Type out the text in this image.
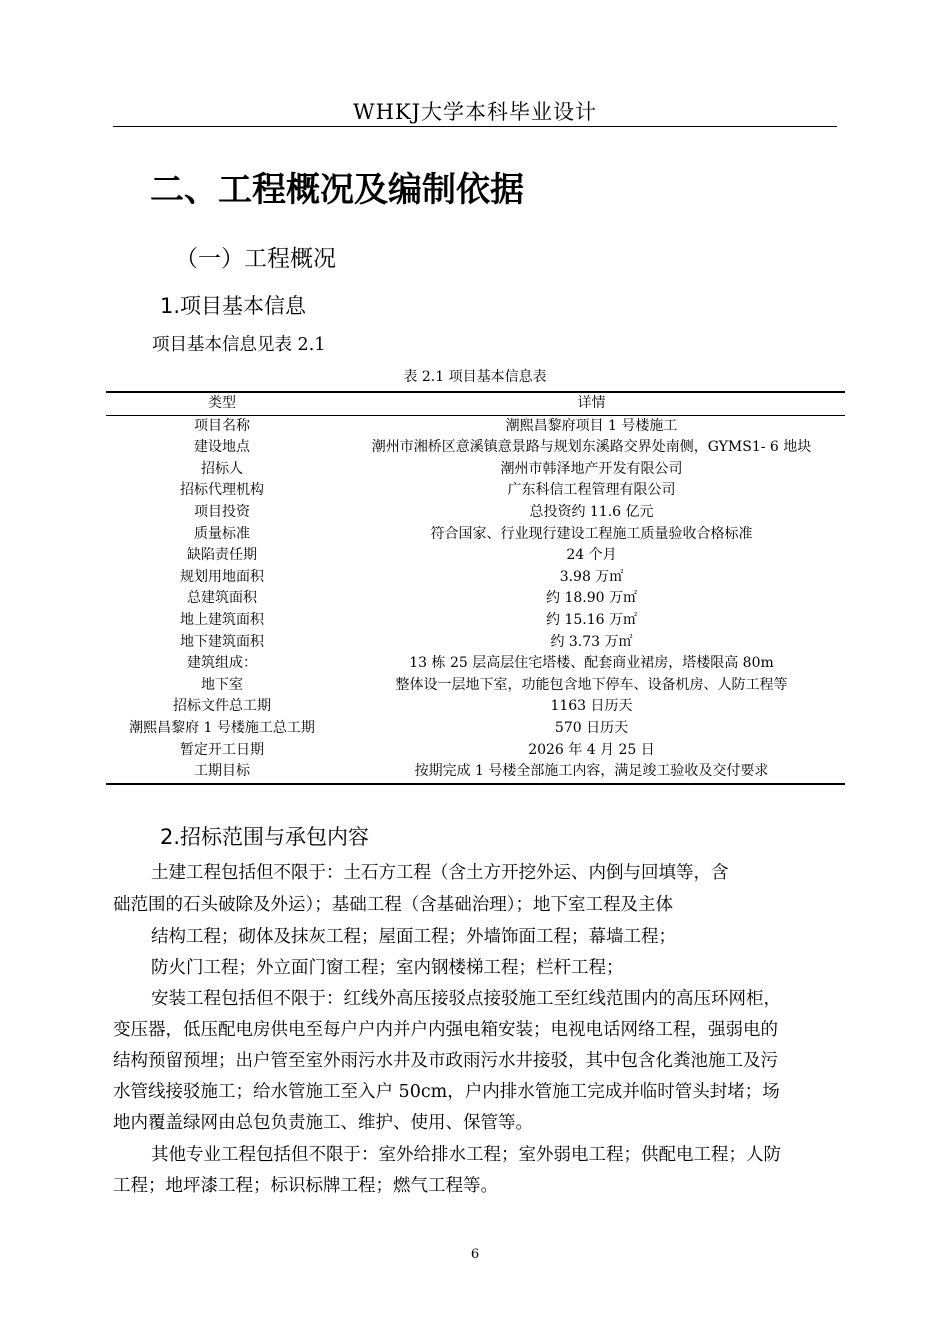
WHKJ大学本科毕业设计
二、工程概况及编制依据
（一）工程概况
1.项目基本信息
项目基本信息见表 2.1
表 2.1 项目基本信息表
类型	详情
项目名称	潮熙昌黎府项目 1 号楼施工
建设地点	潮州市湘桥区意溪镇意景路与规划东溪路交界处南侧，GYMS1- 6 地块
招标人	潮州市韩泽地产开发有限公司
招标代理机构	广东科信工程管理有限公司
项目投资	总投资约 11.6 亿元
质量标准	符合国家、行业现行建设工程施工质量验收合格标准
缺陷责任期	24 个月
规划用地面积	3.98 万㎡
总建筑面积	约 18.90 万㎡
地上建筑面积	约 15.16 万㎡
地下建筑面积	约 3.73 万㎡
建筑组成：	13 栋 25 层高层住宅塔楼、配套商业裙房，塔楼限高 80m
地下室	整体设一层地下室，功能包含地下停车、设备机房、人防工程等
招标文件总工期	1163 日历天
潮熙昌黎府 1 号楼施工总工期	570 日历天
暂定开工日期	2026 年 4 月 25 日
工期目标	按期完成 1 号楼全部施工内容，满足竣工验收及交付要求
2.招标范围与承包内容
土建工程包括但不限于：土石方工程（含土方开挖外运、内倒与回填等，含
础范围的石头破除及外运）；基础工程（含基础治理）；地下室工程及主体
结构工程；砌体及抹灰工程；屋面工程；外墙饰面工程；幕墙工程；
防火门工程；外立面门窗工程；室内钢楼梯工程；栏杆工程；
安装工程包括但不限于：红线外高压接驳点接驳施工至红线范围内的高压环网柜，
变压器，低压配电房供电至每户户内并户内强电箱安装；电视电话网络工程，强弱电的
结构预留预埋；出户管至室外雨污水井及市政雨污水井接驳，其中包含化粪池施工及污
水管线接驳施工；给水管施工至入户 50cm，户内排水管施工完成并临时管头封堵；场
地内覆盖绿网由总包负责施工、维护、使用、保管等。
其他专业工程包括但不限于：室外给排水工程；室外弱电工程；供配电工程；人防
工程；地坪漆工程；标识标牌工程；燃气工程等。
6
